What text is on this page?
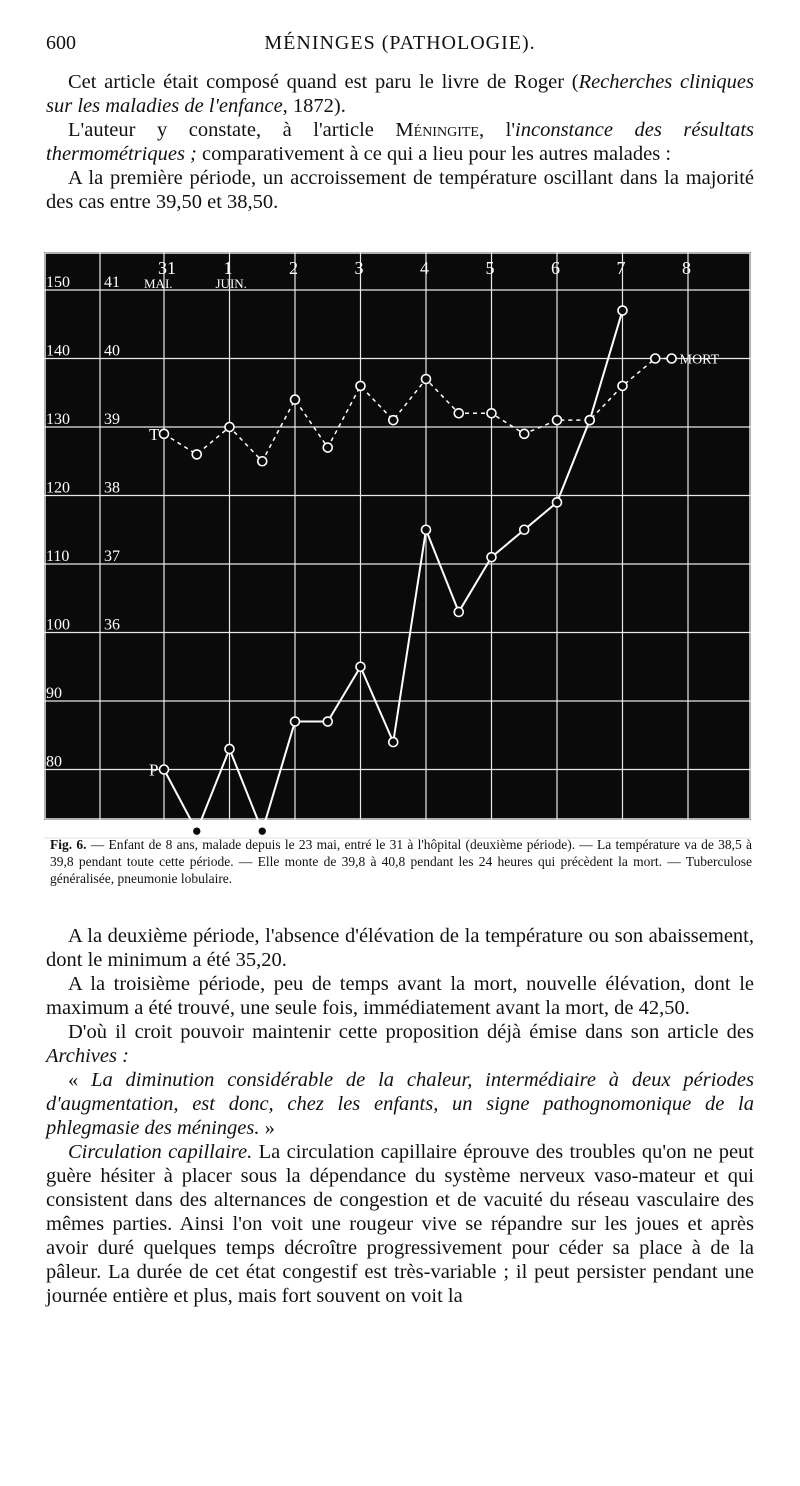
600	MÉNINGES (PATHOLOGIE).

Cet article était composé quand est paru le livre de Roger (Recherches cliniques sur les maladies de l'enfance, 1872).

L'auteur y constate, à l'article Méningite, l'inconstance des résultats thermométriques ; comparativement à ce qui a lieu pour les autres malades :

A la première période, un accroissement de température oscillant dans la majorité des cas entre 39,50 et 38,50.

150
140
130
120
110
100
90
80
70
41
40
39
38
37
36
31	1	2	3	4	5	6	7	8
MAI.	JUIN.
T
P
MORT
Fig. 6. — Enfant de 8 ans, malade depuis le 23 mai, entré le 31 à l'hôpital (deuxième période). — La température va de 38,5 à 39,8 pendant toute cette période. — Elle monte de 39,8 à 40,8 pendant les 24 heures qui précèdent la mort. — Tuberculose généralisée, pneumonie lobulaire.

A la deuxième période, l'absence d'élévation de la température ou son abaissement, dont le minimum a été 35,20.

A la troisième période, peu de temps avant la mort, nouvelle élévation, dont le maximum a été trouvé, une seule fois, immédiatement avant la mort, de 42,50.

D'où il croit pouvoir maintenir cette proposition déjà émise dans son article des Archives :

« La diminution considérable de la chaleur, intermédiaire à deux périodes d'augmentation, est donc, chez les enfants, un signe pathognomonique de la phlegmasie des méninges. »

Circulation capillaire. La circulation capillaire éprouve des troubles qu'on ne peut guère hésiter à placer sous la dépendance du système nerveux vaso-mateur et qui consistent dans des alternances de congestion et de vacuité du réseau vasculaire des mêmes parties. Ainsi l'on voit une rougeur vive se répandre sur les joues et après avoir duré quelques temps décroître progressivement pour céder sa place à de la pâleur. La durée de cet état congestif est très-variable ; il peut persister pendant une journée entière et plus, mais fort souvent on voit la
